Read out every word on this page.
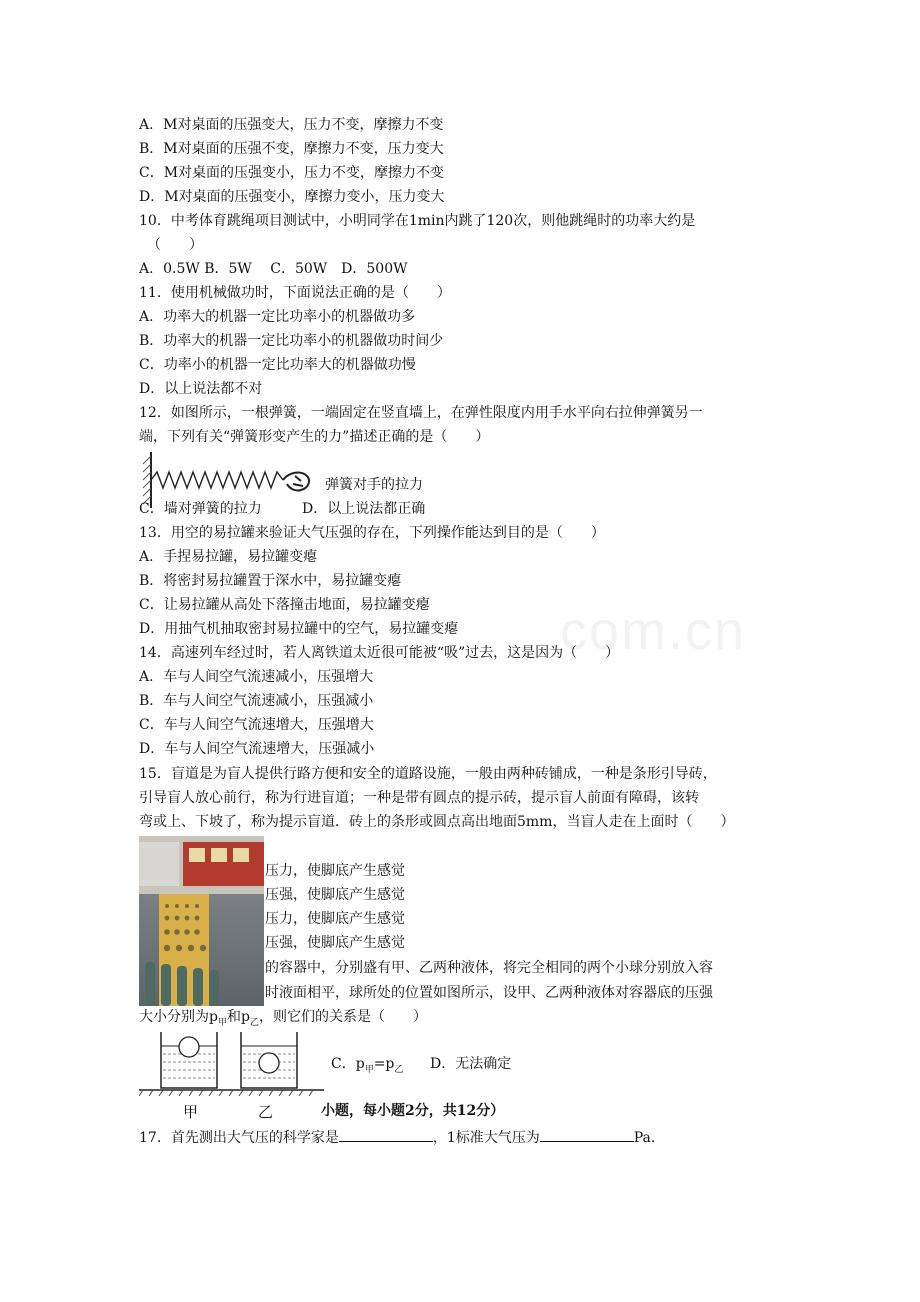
com.cn
A．M对桌面的压强变大，压力不变，摩擦力不变
B．M对桌面的压强不变，摩擦力不变，压力变大
C．M对桌面的压强变小，压力不变，摩擦力不变
D．M对桌面的压强变小，摩擦力变小，压力变大
10．中考体育跳绳项目测试中，小明同学在1min内跳了120次，则他跳绳时的功率大约是
（　　）
A．0.5W B．5W　 C．50W　D．500W
11．使用机械做功时，下面说法正确的是（　　）
A．功率大的机器一定比功率小的机器做功多
B．功率大的机器一定比功率小的机器做功时间少
C．功率小的机器一定比功率大的机器做功慢
D．以上说法都不对
12．如图所示，一根弹簧，一端固定在竖直墙上，在弹性限度内用手水平向右拉伸弹簧另一
端，下列有关“弹簧形变产生的力”描述正确的是（　　）
弹簧对手的拉力
C．墙对弹簧的拉力	D．以上说法都正确
13．用空的易拉罐来验证大气压强的存在，下列操作能达到目的是（　　）
A．手捏易拉罐，易拉罐变瘪
B．将密封易拉罐置于深水中，易拉罐变瘪
C．让易拉罐从高处下落撞击地面，易拉罐变瘪
D．用抽气机抽取密封易拉罐中的空气，易拉罐变瘪
14．高速列车经过时，若人离铁道太近很可能被“吸”过去，这是因为（　　）
A．车与人间空气流速减小，压强增大
B．车与人间空气流速减小，压强减小
C．车与人间空气流速增大，压强增大
D．车与人间空气流速增大，压强减小
15．盲道是为盲人提供行路方便和安全的道路设施，一般由两种砖铺成，一种是条形引导砖，
引导盲人放心前行，称为行进盲道；一种是带有圆点的提示砖，提示盲人前面有障碍，该转
弯或上、下坡了，称为提示盲道．砖上的条形或圆点高出地面5mm，当盲人走在上面时（　　）
压力，使脚底产生感觉
压强，使脚底产生感觉
压力，使脚底产生感觉
压强，使脚底产生感觉
的容器中，分别盛有甲、乙两种液体，将完全相同的两个小球分别放入容
时液面相平，球所处的位置如图所示，设甲、乙两种液体对容器底的压强
大小分别为$p_甲$和$p_乙$，则它们的关系是（　　）
C．$p_甲=p_乙$ D．无法确定
甲	乙	小题，每小题2分，共12分）
17．首先测出大气压的科学家是	，1标准大气压为	Pa．
